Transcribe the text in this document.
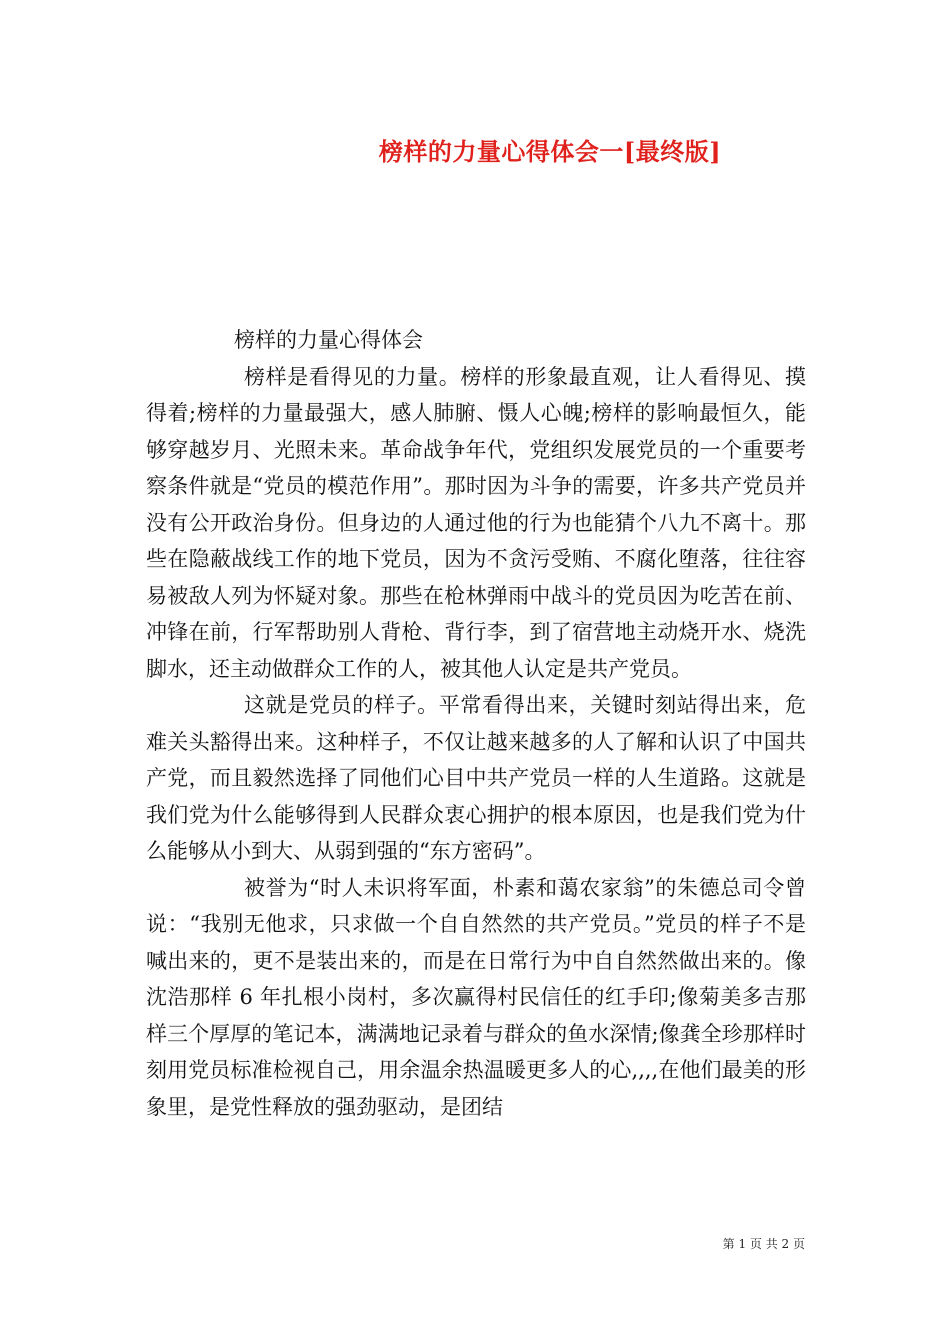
榜样的力量心得体会一[最终版]

榜样的力量心得体会

榜样是看得见的力量。榜样的形象最直观，让人看得见、摸得着;榜样的力量最强大，感人肺腑、慑人心魄;榜样的影响最恒久，能够穿越岁月、光照未来。革命战争年代，党组织发展党员的一个重要考察条件就是“党员的模范作用”。那时因为斗争的需要，许多共产党员并没有公开政治身份。但身边的人通过他的行为也能猜个八九不离十。那些在隐蔽战线工作的地下党员，因为不贪污受贿、不腐化堕落，往往容易被敌人列为怀疑对象。那些在枪林弹雨中战斗的党员因为吃苦在前、冲锋在前，行军帮助别人背枪、背行李，到了宿营地主动烧开水、烧洗脚水，还主动做群众工作的人，被其他人认定是共产党员。

这就是党员的样子。平常看得出来，关键时刻站得出来，危难关头豁得出来。这种样子，不仅让越来越多的人了解和认识了中国共产党，而且毅然选择了同他们心目中共产党员一样的人生道路。这就是我们党为什么能够得到人民群众衷心拥护的根本原因，也是我们党为什么能够从小到大、从弱到强的“东方密码”。

被誉为“时人未识将军面，朴素和蔼农家翁”的朱德总司令曾说：“我别无他求，只求做一个自自然然的共产党员。”党员的样子不是喊出来的，更不是装出来的，而是在日常行为中自自然然做出来的。像沈浩那样 6 年扎根小岗村，多次赢得村民信任的红手印;像菊美多吉那样三个厚厚的笔记本，满满地记录着与群众的鱼水深情;像龚全珍那样时刻用党员标准检视自己，用余温余热温暖更多人的心,,,,在他们最美的形象里，是党性释放的强劲驱动，是团结

第 1 页 共 2 页
